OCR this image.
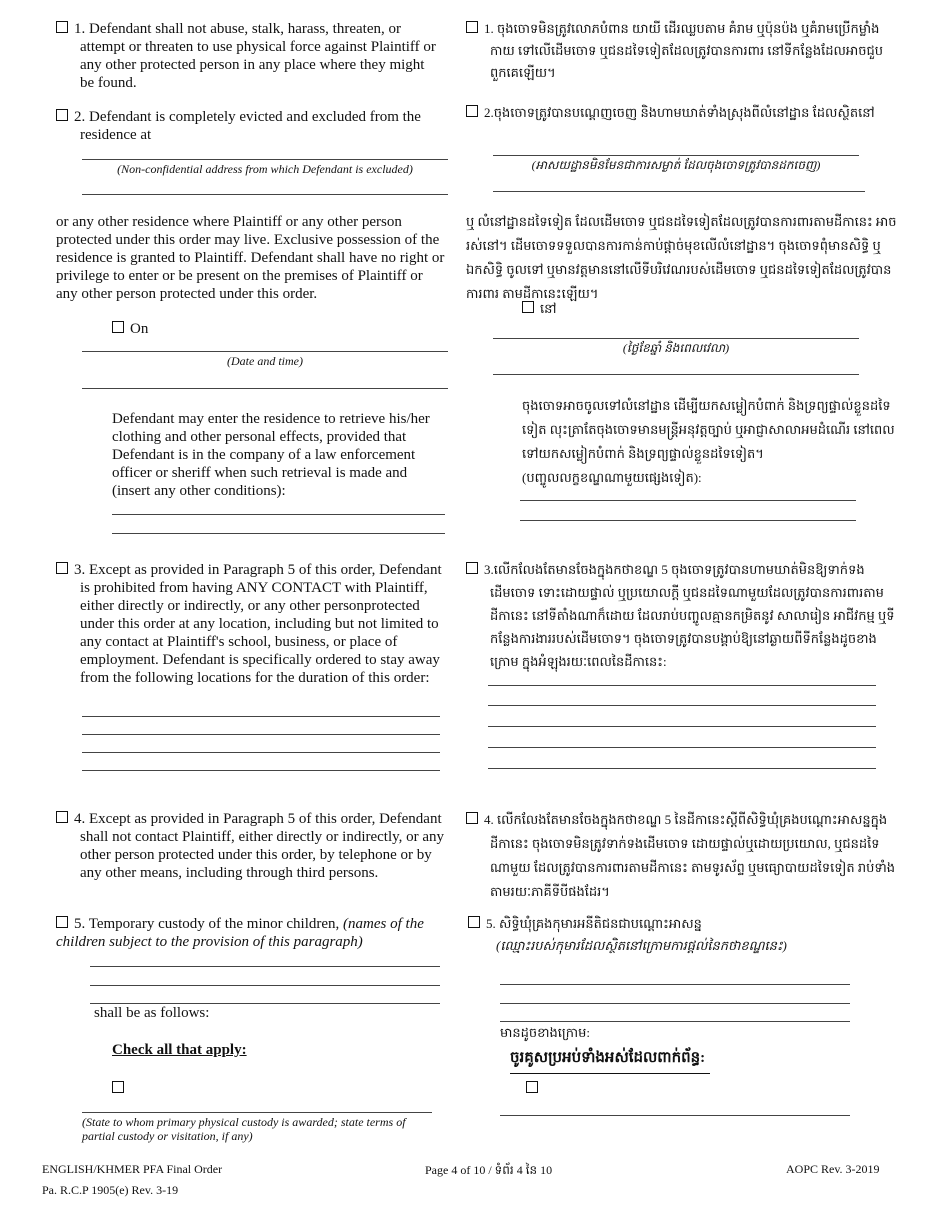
1. Defendant shall not abuse, stalk, harass, threaten, or attempt or threaten to use physical force against Plaintiff or any other protected person in any place where they might be found.
2. Defendant is completely evicted and excluded from the residence at
(Non-confidential address from which Defendant is excluded)
or any other residence where Plaintiff or any other person protected under this order may live. Exclusive possession of the residence is granted to Plaintiff. Defendant shall have no right or privilege to enter or be present on the premises of Plaintiff or any other person protected under this order.
On
(Date and time)
Defendant may enter the residence to retrieve his/her clothing and other personal effects, provided that Defendant is in the company of a law enforcement officer or sheriff when such retrieval is made and (insert any other conditions):
3. Except as provided in Paragraph 5 of this order, Defendant is prohibited from having ANY CONTACT with Plaintiff, either directly or indirectly, or any other personprotected under this order at any location, including but not limited to any contact at Plaintiff's school, business, or place of employment. Defendant is specifically ordered to stay away from the following locations for the duration of this order:
4. Except as provided in Paragraph 5 of this order, Defendant shall not contact Plaintiff, either directly or indirectly, or any other person protected under this order, by telephone or by any other means, including through third persons.
5. Temporary custody of the minor children, (names of the children subject to the provision of this paragraph)
shall be as follows:
Check all that apply:
(State to whom primary physical custody is awarded; state terms of partial custody or visitation, if any)
1. ចុងចោទមិនត្រូវលោភបំពាន យាយី ដើរឈ្លបតាម គំរាម ឬប៉ុនប៉ង ឬគំរាមប្រើកម្លាំងកាយ ទៅលើដើមចោទ ឬជនដទៃទៀតដែលត្រូវបានការពារ នៅទីកន្លែងដែលអាចជួបពួកគេឡើយ។
2.ចុងចោទត្រូវបានបណ្តេញចេញ និងហាមឃាត់ទាំងស្រុងពីលំនៅដ្ឋាន ដែលស្ថិតនៅ
(អាសយដ្ឋានមិនមែនជាការសម្ងាត់ ដែលចុងចោទត្រូវបានដកចេញ)
ឬ លំនៅដ្ឋានដទៃទៀត ដែលដើមចោទ ឬជនដទៃទៀតដែលត្រូវបានការពារតាមដីកានេះ អាចរស់នៅ។ ដើមចោទទទួលបានការកាន់កាប់ផ្តាច់មុខលើលំនៅដ្ឋាន។ ចុងចោទពុំមានសិទ្ធិ ឬឯកសិទ្ធិ ចូលទៅ ឬមានវត្តមាននៅលើទីបរិវេណរបស់ដើមចោទ ឬជនដទៃទៀតដែលត្រូវបានការពារ តាមដីកានេះឡើយ។
នៅ
(ថ្ងៃខែឆ្នាំ និងពេលវេលា)
ចុងចោទអាចចូលទៅលំនៅដ្ឋាន ដើម្បីយកសម្លៀកបំពាក់ និងទ្រព្យផ្ទាល់ខ្លួនដទៃទៀត លុះត្រាតែចុងចោទមានមន្ត្រីអនុវត្តច្បាប់ ឬអាជ្ញាសាលាអមដំណើរ នៅពេលទៅយកសម្លៀកបំពាក់ និងទ្រព្យផ្ទាល់ខ្លួនដទៃទៀត។
(បញ្ចូលលក្ខខណ្ឌណាមួយផ្សេងទៀត):
3.លើកលែងតែមានចែងក្នុងកថាខណ្ឌ 5 ចុងចោទត្រូវបានហាមឃាត់មិនឱ្យទាក់ទងដើមចោទ ទោះដោយផ្ទាល់ ឬប្រយោលក្តី ឬជនដទៃណាមួយដែលត្រូវបានការពារតាមដីកានេះ នៅទីតាំងណាក៏ដោយ ដែលរាប់បញ្ចូលគ្មានកម្រិតនូវ សាលារៀន អាជីវកម្ម ឬទីកន្លែងការងាររបស់ដើមចោទ។ ចុងចោទត្រូវបានបង្គាប់ឱ្យនៅឆ្ងាយពីទីកន្លែងដូចខាងក្រោម ក្នុងអំឡុងរយៈពេលនៃដីកានេះ:
4. លើកលែងតែមានចែងក្នុងកថាខណ្ឌ 5 នៃដីកានេះស្តីពីសិទ្ធិឃុំគ្រងបណ្តោះអាសន្នក្នុងដីកានេះ ចុងចោទមិនត្រូវទាក់ទងដើមចោទ ដោយផ្ទាល់ឬដោយប្រយោល, ឬជនដទៃណាមួយ ដែលត្រូវបានការពារតាមដីកានេះ តាមទូរស័ព្ទ ឬមធ្យោបាយដទៃទៀត រាប់ទាំងតាមរយៈភាគីទីបីផងដែរ។
5. សិទ្ធិឃុំគ្រងកុមារអនីតិជនជាបណ្តោះអាសន្ន
(ឈ្មោះរបស់កុមារដែលស្ថិតនៅក្រោមការផ្តល់នៃកថាខណ្ឌនេះ)
មានដូចខាងក្រោម:
ចូរគូសប្រអប់ទាំងអស់ដែលពាក់ព័ន្ធ:
ENGLISH/KHMER PFA Final Order
Pa. R.C.P 1905(e) Rev. 3-19
Page 4 of 10 / ទំព័រ 4 នៃ 10	AOPC Rev. 3-2019
